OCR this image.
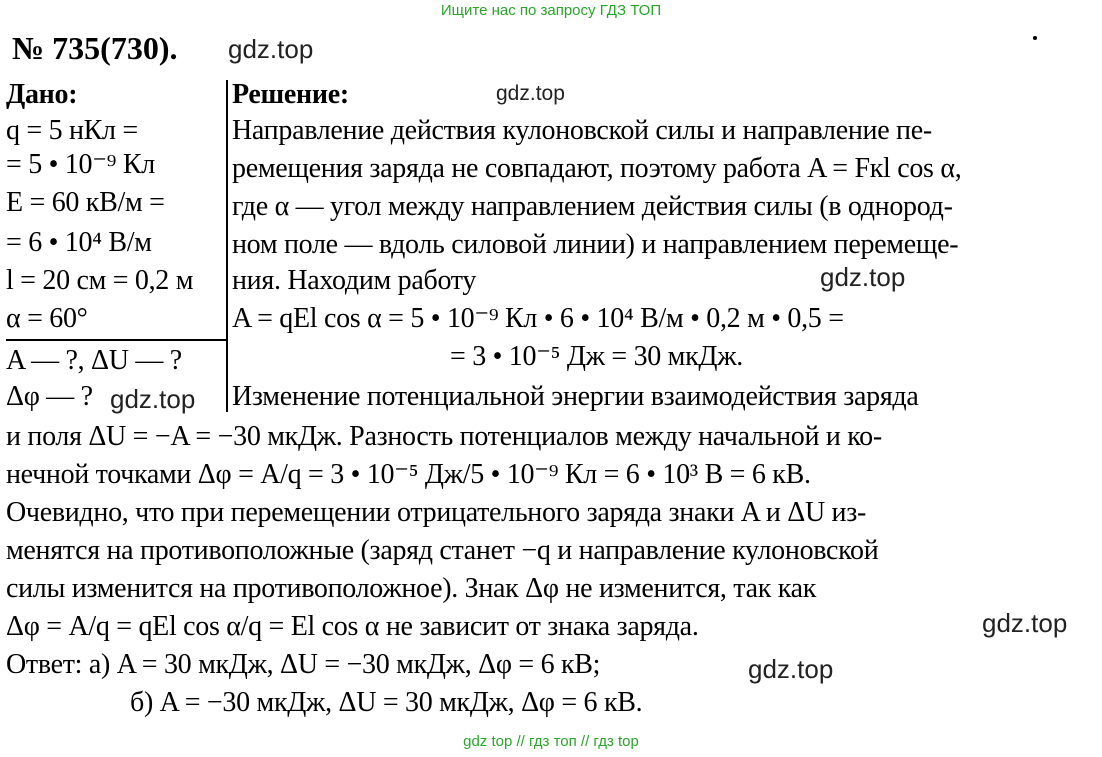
Ищите нас по запросу ГДЗ ТОП
№ 735(730). gdz.top
Дано:
q = 5 нКл =
= 5 • 10⁻⁹ Кл
E = 60 кВ/м =
= 6 • 10⁴ В/м
l = 20 см = 0,2 м
α = 60°
A — ?, ΔU — ?
Δφ — ? gdz.top
Решение:	gdz.top
Направление действия кулоновской силы и направление пе-
ремещения заряда не совпадают, поэтому работа A = Fкl cos α,
где α — угол между направлением действия силы (в однород-
ном поле — вдоль силовой линии) и направлением перемеще-
ния. Находим работу	gdz.top
A = qEl cos α = 5 • 10⁻⁹ Кл • 6 • 10⁴ В/м • 0,2 м • 0,5 =
= 3 • 10⁻⁵ Дж = 30 мкДж.
Изменение потенциальной энергии взаимодействия заряда
и поля ΔU = −A = −30 мкДж. Разность потенциалов между начальной и ко-
нечной точками Δφ = A/q = 3 • 10⁻⁵ Дж/5 • 10⁻⁹ Кл = 6 • 10³ В = 6 кВ.
Очевидно, что при перемещении отрицательного заряда знаки A и ΔU из-
менятся на противоположные (заряд станет −q и направление кулоновской
силы изменится на противоположное). Знак Δφ не изменится, так как
Δφ = A/q = qEl cos α/q = El cos α не зависит от знака заряда.	gdz.top
Ответ: а) A = 30 мкДж, ΔU = −30 мкДж, Δφ = 6 кВ;	gdz.top
б) A = −30 мкДж, ΔU = 30 мкДж, Δφ = 6 кВ.
gdz top // гдз топ // гдз top
